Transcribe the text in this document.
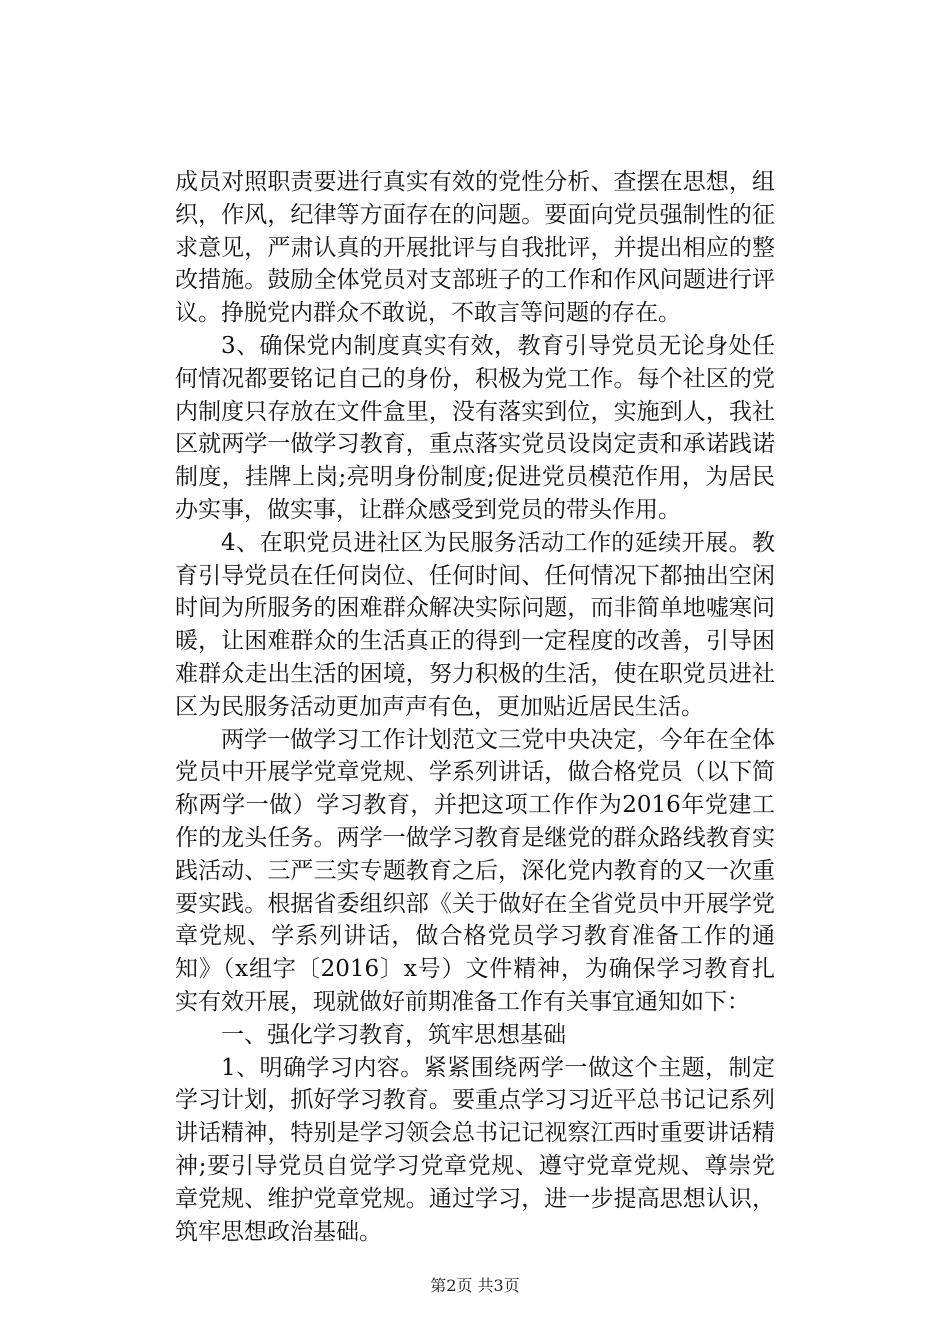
成员对照职责要进行真实有效的党性分析、查摆在思想，组织，作风，纪律等方面存在的问题。要面向党员强制性的征求意见，严肃认真的开展批评与自我批评，并提出相应的整改措施。鼓励全体党员对支部班子的工作和作风问题进行评议。挣脱党内群众不敢说，不敢言等问题的存在。

3、确保党内制度真实有效，教育引导党员无论身处任何情况都要铭记自己的身份，积极为党工作。每个社区的党内制度只存放在文件盒里，没有落实到位，实施到人，我社区就两学一做学习教育，重点落实党员设岗定责和承诺践诺制度，挂牌上岗;亮明身份制度;促进党员模范作用，为居民办实事，做实事，让群众感受到党员的带头作用。

4、在职党员进社区为民服务活动工作的延续开展。教育引导党员在任何岗位、任何时间、任何情况下都抽出空闲时间为所服务的困难群众解决实际问题，而非简单地嘘寒问暖，让困难群众的生活真正的得到一定程度的改善，引导困难群众走出生活的困境，努力积极的生活，使在职党员进社区为民服务活动更加声声有色，更加贴近居民生活。

两学一做学习工作计划范文三党中央决定，今年在全体党员中开展学党章党规、学系列讲话，做合格党员（以下简称两学一做）学习教育，并把这项工作作为2016年党建工作的龙头任务。两学一做学习教育是继党的群众路线教育实践活动、三严三实专题教育之后，深化党内教育的又一次重要实践。根据省委组织部《关于做好在全省党员中开展学党章党规、学系列讲话，做合格党员学习教育准备工作的通知》（x组字〔2016〕x号）文件精神，为确保学习教育扎实有效开展，现就做好前期准备工作有关事宜通知如下：

一、强化学习教育，筑牢思想基础

1、明确学习内容。紧紧围绕两学一做这个主题，制定学习计划，抓好学习教育。要重点学习习近平总书记记系列讲话精神，特别是学习领会总书记记视察江西时重要讲话精神;要引导党员自觉学习党章党规、遵守党章党规、尊崇党章党规、维护党章党规。通过学习，进一步提高思想认识，筑牢思想政治基础。

第2页 共3页
